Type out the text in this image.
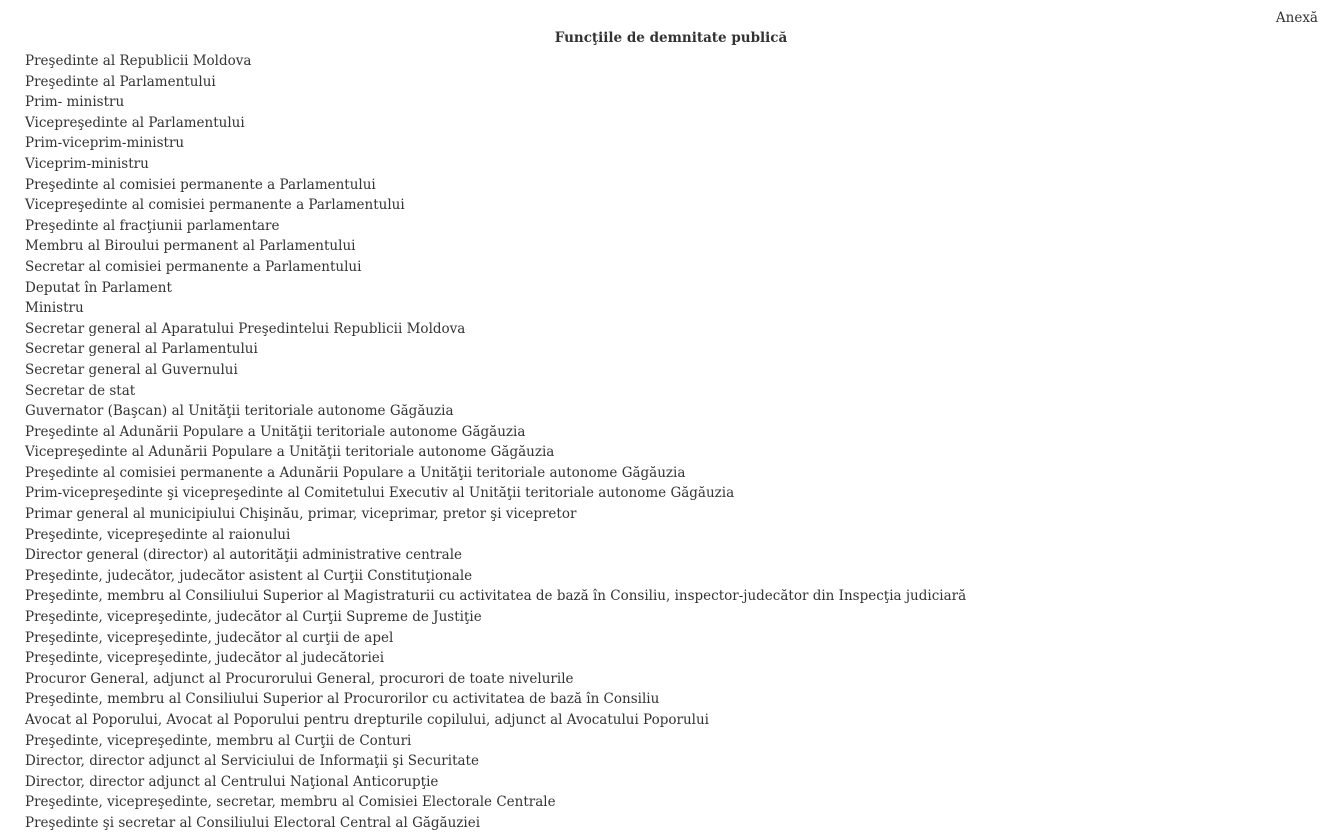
Anexă
Funcţiile de demnitate publică
Preşedinte al Republicii Moldova
Preşedinte al Parlamentului
Prim- ministru
Vicepreşedinte al Parlamentului
Prim-viceprim-ministru
Viceprim-ministru
Preşedinte al comisiei permanente a Parlamentului
Vicepreşedinte al comisiei permanente a Parlamentului
Preşedinte al fracţiunii parlamentare
Membru al Biroului permanent al Parlamentului
Secretar al comisiei permanente a Parlamentului
Deputat în Parlament
Ministru
Secretar general al Aparatului Preşedintelui Republicii Moldova
Secretar general al Parlamentului
Secretar general al Guvernului
Secretar de stat
Guvernator (Başcan) al Unităţii teritoriale autonome Găgăuzia
Preşedinte al Adunării Populare a Unităţii teritoriale autonome Găgăuzia
Vicepreşedinte al Adunării Populare a Unităţii teritoriale autonome Găgăuzia
Preşedinte al comisiei permanente a Adunării Populare a Unităţii teritoriale autonome Găgăuzia
Prim-vicepreşedinte şi vicepreşedinte al Comitetului Executiv al Unităţii teritoriale autonome Găgăuzia
Primar general al municipiului Chişinău, primar, viceprimar, pretor şi vicepretor
Preşedinte, vicepreşedinte al raionului
Director general (director) al autorităţii administrative centrale
Preşedinte, judecător, judecător asistent al Curţii Constituţionale
Preşedinte, membru al Consiliului Superior al Magistraturii cu activitatea de bază în Consiliu, inspector-judecător din Inspecţia judiciară
Preşedinte, vicepreşedinte, judecător al Curţii Supreme de Justiţie
Preşedinte, vicepreşedinte, judecător al curţii de apel
Preşedinte, vicepreşedinte, judecător al judecătoriei
Procuror General, adjunct al Procurorului General, procurori de toate nivelurile
Preşedinte, membru al Consiliului Superior al Procurorilor cu activitatea de bază în Consiliu
Avocat al Poporului, Avocat al Poporului pentru drepturile copilului, adjunct al Avocatului Poporului
Preşedinte, vicepreşedinte, membru al Curţii de Conturi
Director, director adjunct al Serviciului de Informaţii şi Securitate
Director, director adjunct al Centrului Naţional Anticorupţie
Preşedinte, vicepreşedinte, secretar, membru al Comisiei Electorale Centrale
Preşedinte şi secretar al Consiliului Electoral Central al Găgăuziei
